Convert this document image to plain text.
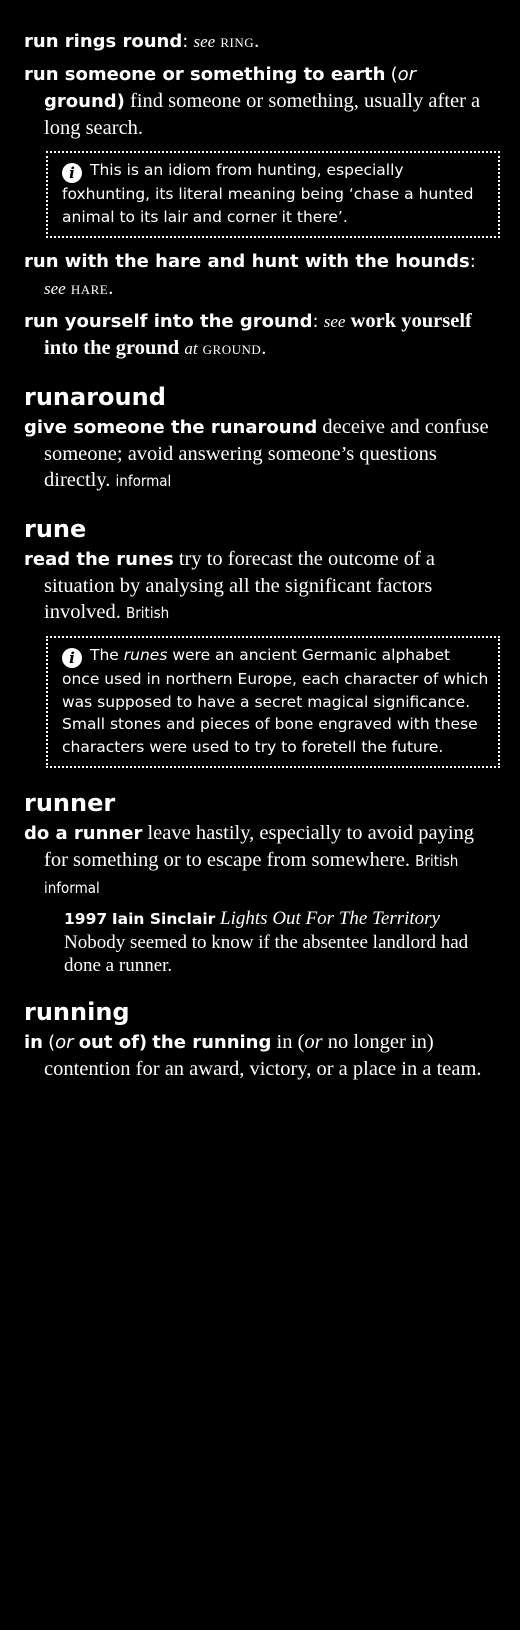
run rings round: see ring.

run someone or something to earth (or ground) find someone or something, usually after a long search.

i This is an idiom from hunting, especially foxhunting, its literal meaning being ‘chase a hunted animal to its lair and corner it there’.

run with the hare and hunt with the hounds: see hare.

run yourself into the ground: see work yourself into the ground at ground.

runaround

give someone the runaround deceive and confuse someone; avoid answering someone’s questions directly. informal

rune

read the runes try to forecast the outcome of a situation by analysing all the significant factors involved. British

i The runes were an ancient Germanic alphabet once used in northern Europe, each character of which was supposed to have a secret magical significance. Small stones and pieces of bone engraved with these characters were used to try to foretell the future.
runner

do a runner leave hastily, especially to avoid paying for something or to escape from somewhere. British informal

1997 Iain Sinclair Lights Out For The Territory Nobody seemed to know if the absentee landlord had done a runner.
running

in (or out of) the running in (or no longer in) contention for an award, victory, or a place in a team.
